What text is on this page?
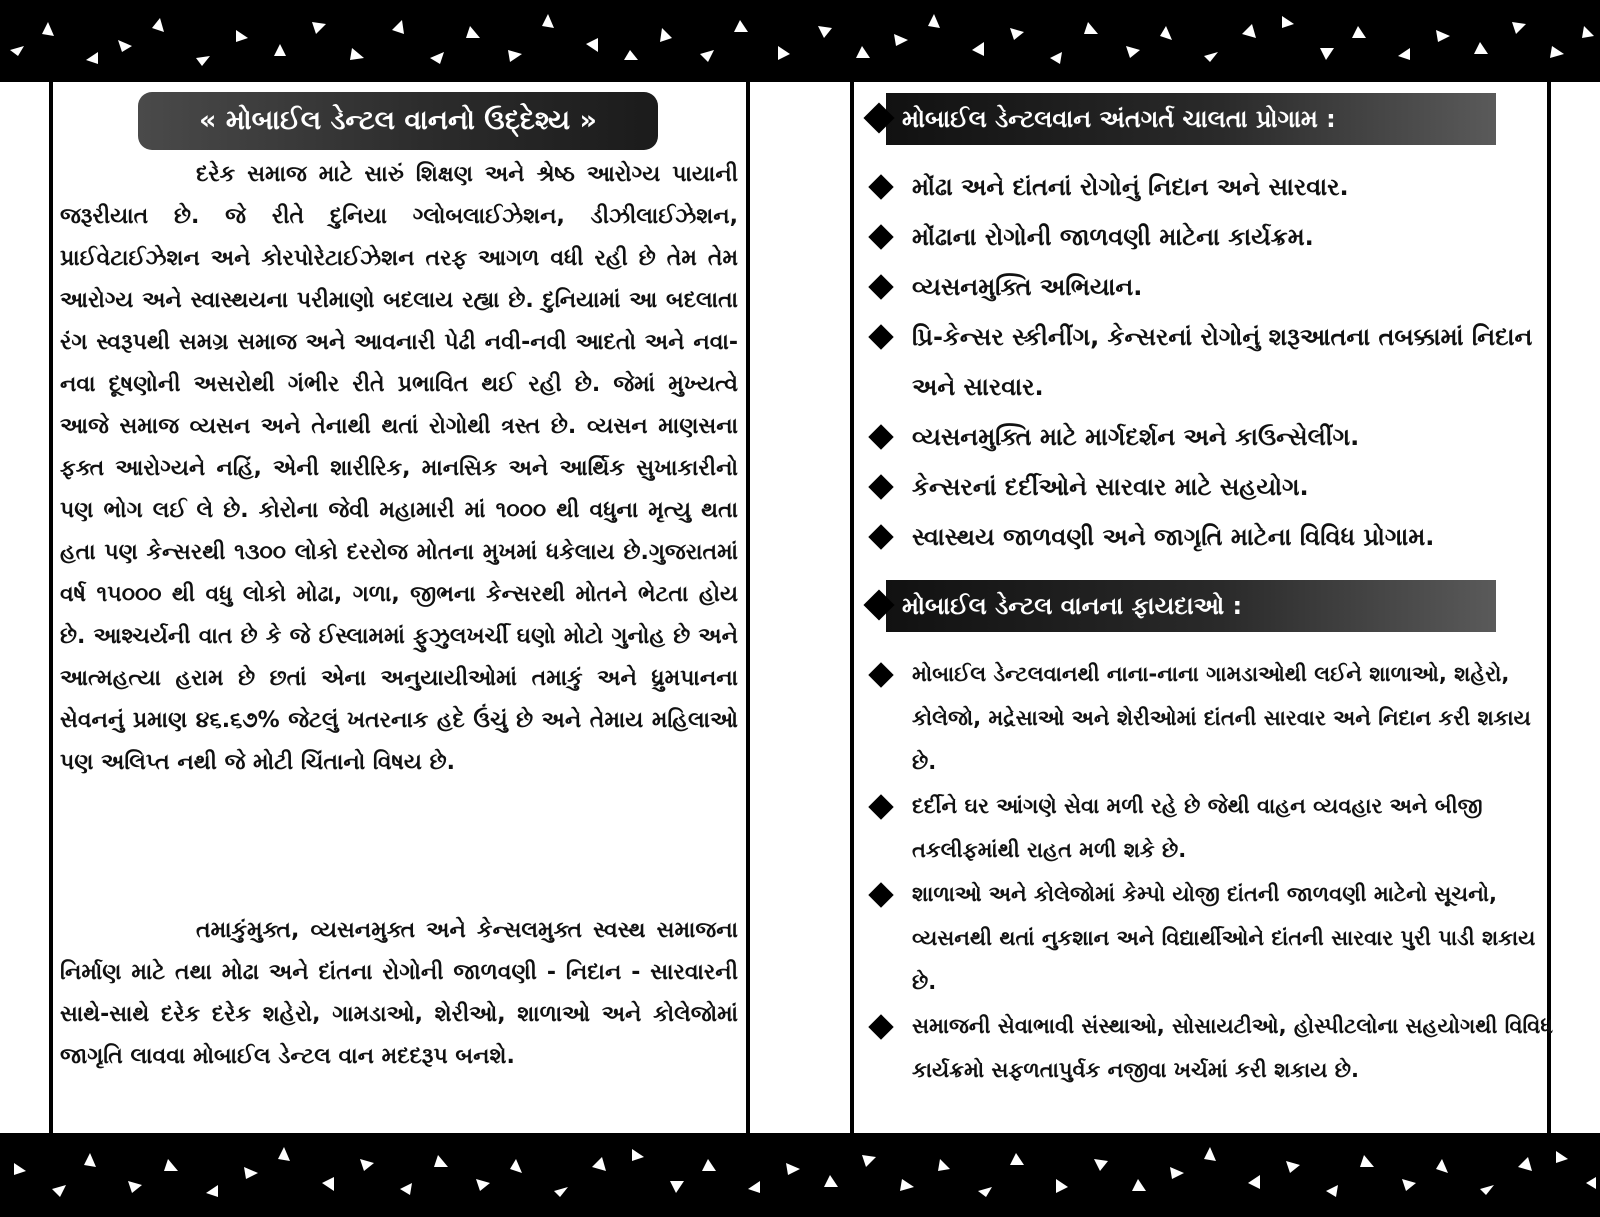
« મોબાઈલ ડેન્ટલ વાનનો ઉદ્દેશ્ય »

દરેક સમાજ માટે સારું શિક્ષણ અને શ્રેષ્ઠ આરોગ્ય પાયાની જરૂરીયાત છે. જે રીતે દુનિયા ગ્લોબલાઈઝેશન, ડીઝીલાઈઝેશન, પ્રાઈવેટાઈઝેશન અને કોરપોરેટાઈઝેશન તરફ આગળ વધી રહી છે તેમ તેમ આરોગ્ય અને સ્વાસ્થયના પરીમાણો બદલાય રહ્યા છે. દુનિયામાં આ બદલાતા રંગ સ્વરૂપથી સમગ્ર સમાજ અને આવનારી પેઢી નવી-નવી આદતો અને નવા-નવા દૂષણોની અસરોથી ગંભીર રીતે પ્રભાવિત થઈ રહી છે. જેમાં મુખ્યત્વે આજે સમાજ વ્યસન અને તેનાથી થતાં રોગોથી ત્રસ્ત છે. વ્યસન માણસના ફક્ત આરોગ્યને નહિં, એની શારીરિક, માનસિક અને આર્થિક સુખાકારીનો પણ ભોગ લઈ લે છે. કોરોના જેવી મહામારી માં ૧૦૦૦ થી વધુના મૃત્યુ થતા હતા પણ કેન્સરથી ૧૩૦૦ લોકો દરરોજ મોતના મુખમાં ધકેલાય છે.ગુજરાતમાં વર્ષ ૧૫૦૦૦ થી વધુ લોકો મોઢા, ગળા, જીભના કેન્સરથી મોતને ભેટતા હોય છે. આશ્ચર્યની વાત છે કે જે ઈસ્લામમાં ફુઝુલખર્ચી ઘણો મોટો ગુનોહ છે અને આત્મહત્યા હરામ છે છતાં એના અનુયાયીઓમાં તમાકું અને ધ્રુમપાનના સેવનનું પ્રમાણ ૪૬.૬૭% જેટલું ખતરનાક હદે ઉંચું છે અને તેમાય મહિલાઓ પણ અલિપ્ત નથી જે મોટી ચિંતાનો વિષય છે.

તમાકુંમુક્ત, વ્યસનમુક્ત અને કેન્સલમુક્ત સ્વસ્થ સમાજના નિર્માણ માટે તથા મોઢા અને દાંતના રોગોની જાળવણી - નિદાન - સારવારની સાથે-સાથે દરેક દરેક શહેરો, ગામડાઓ, શેરીઓ, શાળાઓ અને કોલેજોમાં જાગૃતિ લાવવા મોબાઈલ ડેન્ટલ વાન મદદરૂપ બનશે.

મોબાઈલ ડેન્ટલવાન અંતગર્ત ચાલતા પ્રોગામ :
મોંઢા અને દાંતનાં રોગોનું નિદાન અને સારવાર.
મોંઢાના રોગોની જાળવણી માટેના કાર્યક્રમ.
વ્યસનમુક્તિ અભિયાન.
પ્રિ-કેન્સર સ્કીનીંગ, કેન્સરનાં રોગોનું શરૂઆતના તબક્કામાં નિદાન અને સારવાર.
વ્યસનમુક્તિ માટે માર્ગદર્શન અને કાઉન્સેલીંગ.
કેન્સરનાં દર્દીઓને સારવાર માટે સહયોગ.
સ્વાસ્થય જાળવણી અને જાગૃતિ માટેના વિવિધ પ્રોગામ.
મોબાઈલ ડેન્ટલ વાનના ફાયદાઓ :
મોબાઈલ ડેન્ટલવાનથી નાના-નાના ગામડાઓથી લઈને શાળાઓ, શહેરો, કોલેજો, મદ્રેસાઓ અને શેરીઓમાં દાંતની સારવાર અને નિદાન કરી શકાય છે.
દર્દીને ઘર આંગણે સેવા મળી રહે છે જેથી વાહન વ્યવહાર અને બીજી તકલીફમાંથી રાહત મળી શકે છે.
શાળાઓ અને કોલેજોમાં કેમ્પો યોજી દાંતની જાળવણી માટેનો સૂચનો, વ્યસનથી થતાં નુકશાન અને વિદ્યાર્થીઓને દાંતની સારવાર પુરી પાડી શકાય છે.
સમાજની સેવાભાવી સંસ્થાઓ, સોસાયટીઓ, હોસ્પીટલોના સહયોગથી વિવિધ કાર્યક્રમો સફળતાપુર્વક નજીવા ખર્ચમાં કરી શકાય છે.
